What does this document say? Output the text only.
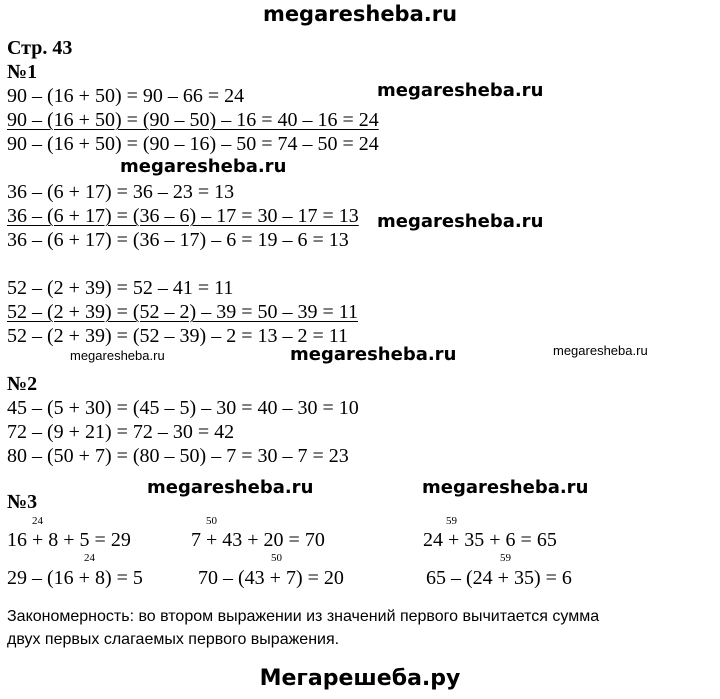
megaresheba.ru
Стр. 43
№1
90 – (16 + 50) = 90 – 66 = 24
90 – (16 + 50) = (90 – 50) – 16 = 40 – 16 = 24
90 – (16 + 50) = (90 – 16) – 50 = 74 – 50 = 24
36 – (6 + 17) = 36 – 23 = 13
36 – (6 + 17) = (36 – 6) – 17 = 30 – 17 = 13
36 – (6 + 17) = (36 – 17) – 6 = 19 – 6 = 13
52 – (2 + 39) = 52 – 41 = 11
52 – (2 + 39) = (52 – 2) – 39 = 50 – 39 = 11
52 – (2 + 39) = (52 – 39) – 2 = 13 – 2 = 11
№2
45 – (5 + 30) = (45 – 5) – 30 = 40 – 30 = 10
72 – (9 + 21) = 72 – 30 = 42
80 – (50 + 7) = (80 – 50) – 7 = 30 – 7 = 23
№3
24
16 + 8 + 5 = 29
50
7 + 43 + 20 = 70
59
24 + 35 + 6 = 65
24
29 – (16 + 8) = 5
50
70 – (43 + 7) = 20
59
65 – (24 + 35) = 6
Закономерность: во втором выражении из значений первого вычитается сумма
двух первых слагаемых первого выражения.
Мегарешеба.ру
megaresheba.ru
megaresheba.ru
megaresheba.ru
megaresheba.ru	megaresheba.ru	megaresheba.ru
megaresheba.ru	megaresheba.ru
